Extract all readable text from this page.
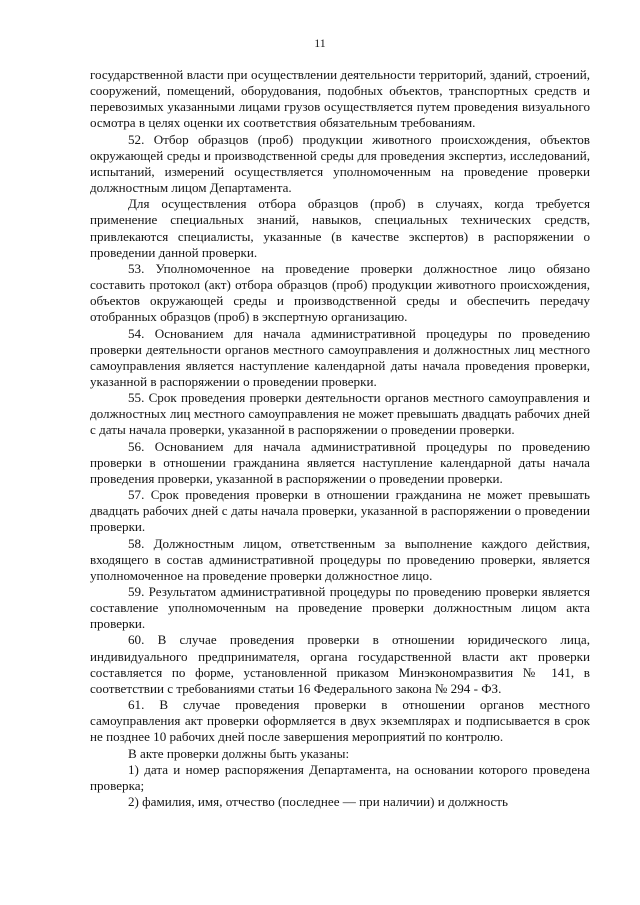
11

государственной власти при осуществлении деятельности территорий, зданий, строений, сооружений, помещений, оборудования, подобных объектов, транспортных средств и перевозимых указанными лицами грузов осуществляется путем проведения визуального осмотра в целях оценки их соответствия обязательным требованиям.

52. Отбор образцов (проб) продукции животного происхождения, объектов окружающей среды и производственной среды для проведения экспертиз, исследований, испытаний, измерений осуществляется уполномоченным на проведение проверки должностным лицом Департамента.

Для осуществления отбора образцов (проб) в случаях, когда требуется применение специальных знаний, навыков, специальных технических средств, привлекаются специалисты, указанные (в качестве экспертов) в распоряжении о проведении данной проверки.

53. Уполномоченное на проведение проверки должностное лицо обязано составить протокол (акт) отбора образцов (проб) продукции животного происхождения, объектов окружающей среды и производственной среды и обеспечить передачу отобранных образцов (проб) в экспертную организацию.

54. Основанием для начала административной процедуры по проведению проверки деятельности органов местного самоуправления и должностных лиц местного самоуправления является наступление календарной даты начала проведения проверки, указанной в распоряжении о проведении проверки.

55. Срок проведения проверки деятельности органов местного самоуправления и должностных лиц местного самоуправления не может превышать двадцать рабочих дней с даты начала проверки, указанной в распоряжении о проведении проверки.

56. Основанием для начала административной процедуры по проведению проверки в отношении гражданина является наступление календарной даты начала проведения проверки, указанной в распоряжении о проведении проверки.

57. Срок проведения проверки в отношении гражданина не может превышать двадцать рабочих дней с даты начала проверки, указанной в распоряжении о проведении проверки.

58. Должностным лицом, ответственным за выполнение каждого действия, входящего в состав административной процедуры по проведению проверки, является уполномоченное на проведение проверки должностное лицо.

59. Результатом административной процедуры по проведению проверки является составление уполномоченным на проведение проверки должностным лицом акта проверки.

60. В случае проведения проверки в отношении юридического лица, индивидуального предпринимателя, органа государственной власти акт проверки составляется по форме, установленной приказом Минэкономразвития № 141, в соответствии с требованиями статьи 16 Федерального закона № 294 - ФЗ.

61. В случае проведения проверки в отношении органов местного самоуправления акт проверки оформляется в двух экземплярах и подписывается в срок не позднее 10 рабочих дней после завершения мероприятий по контролю.

В акте проверки должны быть указаны:

1) дата и номер распоряжения Департамента, на основании которого проведена проверка;

2) фамилия, имя, отчество (последнее — при наличии) и должность
